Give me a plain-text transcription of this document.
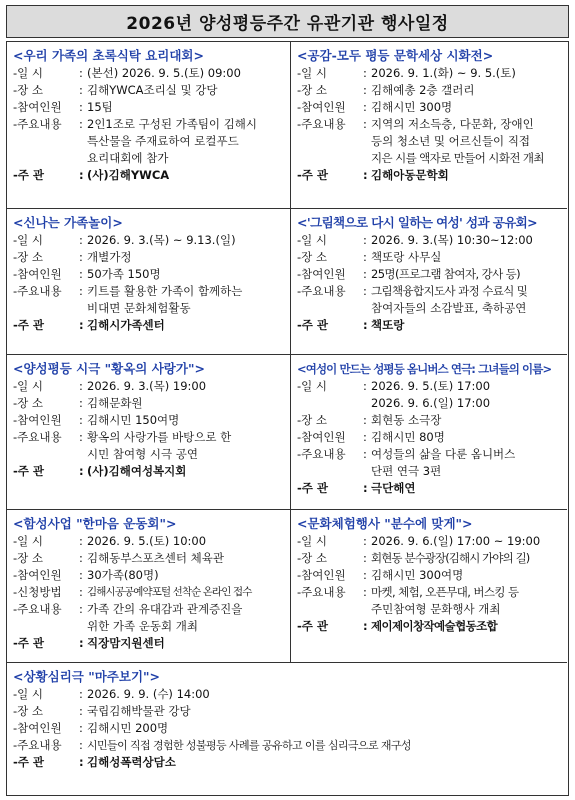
2026년 양성평등주간 유관기관 행사일정
<우리 가족의 초록식탁 요리대회>
-일 시	: (본선) 2026. 9. 5.(토) 09:00
-장 소	: 김해YWCA조리실 및 강당
-참여인원	: 15팀
-주요내용	: 2인1조로 구성된 가족팀이 김해시
특산물을 주재료하여 로컬푸드
요리대회에 참가
-주 관	: (사)김해YWCA
<공감-모두 평등 문학세상 시화전>
-일 시	: 2026. 9. 1.(화) ~ 9. 5.(토)
-장 소	: 김해예총 2층 갤러리
-참여인원	: 김해시민 300명
-주요내용	: 지역의 저소득층, 다문화, 장애인
등의 청소년 및 어르신들이 직접
지은 시를 액자로 만들어 시화전 개최
-주 관	: 김해아동문학회
<신나는 가족놀이>
-일 시	: 2026. 9. 3.(목) ~ 9.13.(일)
-장 소	: 개별가정
-참여인원	: 50가족 150명
-주요내용	: 키트를 활용한 가족이 함께하는
비대면 문화체험활동
-주 관	: 김해시가족센터
<'그림책으로 다시 일하는 여성' 성과 공유회>
-일 시	: 2026. 9. 3.(목) 10:30~12:00
-장 소	: 책또랑 사무실
-참여인원	: 25명(프로그램 참여자, 강사 등)
-주요내용	: 그림책융합지도사 과정 수료식 및
참여자들의 소감발표, 축하공연
-주 관	: 책또랑
<양성평등 시극 "황옥의 사랑가">
-일 시	: 2026. 9. 3.(목) 19:00
-장 소	: 김해문화원
-참여인원	: 김해시민 150여명
-주요내용	: 황옥의 사랑가를 바탕으로 한
시민 참여형 시극 공연
-주 관	: (사)김해여성복지회
<여성이 만드는 성평등 옴니버스 연극: 그녀들의 이름>
-일 시	: 2026. 9. 5.(토) 17:00
2026. 9. 6.(일) 17:00
-장 소	: 회현동 소극장
-참여인원	: 김해시민 80명
-주요내용	: 여성들의 삶을 다룬 옴니버스
단편 연극 3편
-주 관	: 극단해연
<함성사업 "한마음 운동회">
-일 시	: 2026. 9. 5.(토) 10:00
-장 소	: 김해동부스포츠센터 체육관
-참여인원	: 30가족(80명)
-신청방법	: 김해시공공예약포털 선착순 온라인 접수
-주요내용	: 가족 간의 유대감과 관계증진을
위한 가족 운동회 개최
-주 관	: 직장맘지원센터
<문화체험행사 "분수에 맞게">
-일 시	: 2026. 9. 6.(일) 17:00 ~ 19:00
-장 소	: 회현동 분수광장(김해시 가야의 길)
-참여인원	: 김해시민 300여명
-주요내용	: 마켓, 체험, 오픈무대, 버스킹 등
주민참여형 문화행사 개최
-주 관	: 제이제이창작예술협동조합
<상황심리극 "마주보기">
-일 시	: 2026. 9. 9. (수) 14:00
-장 소	: 국립김해박물관 강당
-참여인원	: 김해시민 200명
-주요내용	: 시민들이 직접 경험한 성불평등 사례를 공유하고 이를 심리극으로 재구성
-주 관	: 김해성폭력상담소
